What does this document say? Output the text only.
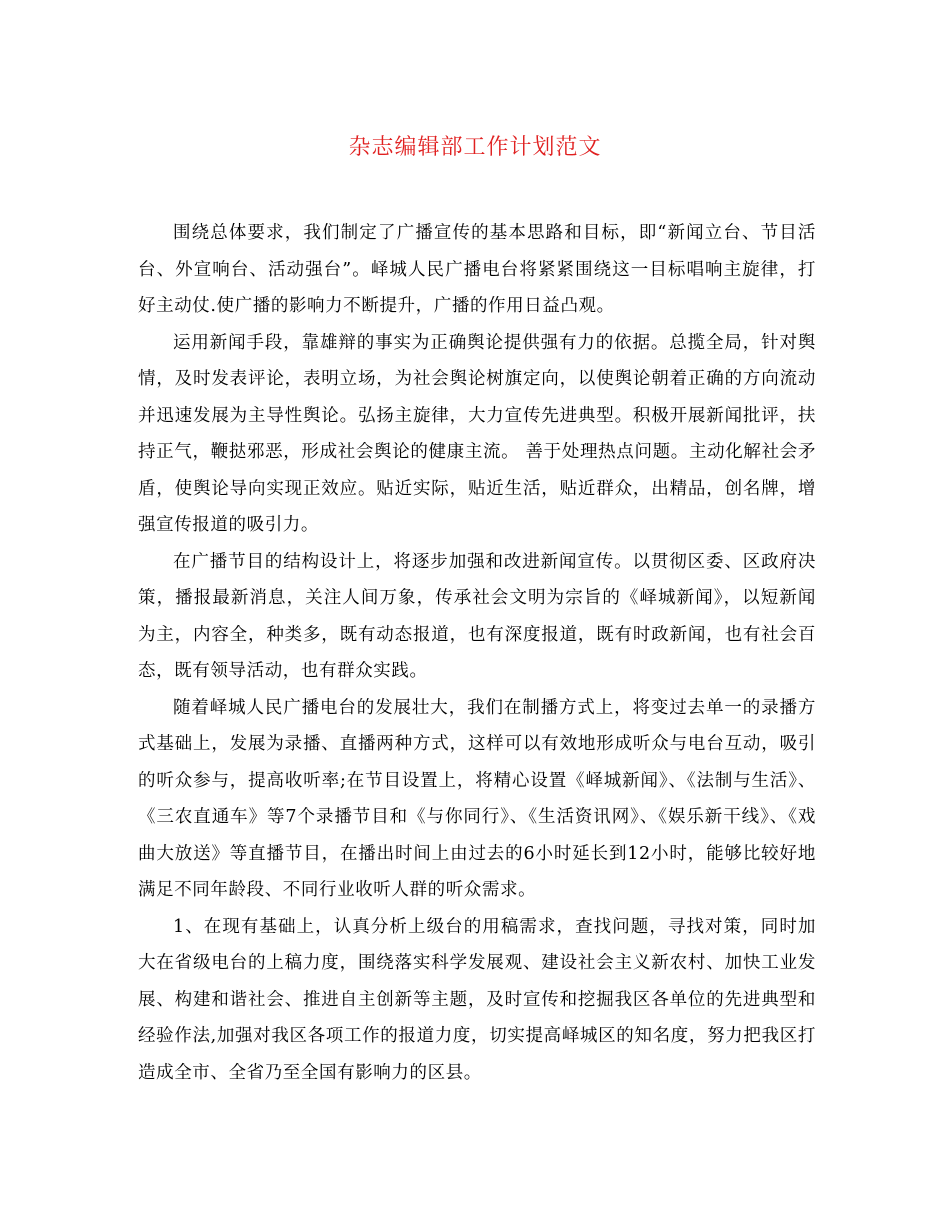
杂志编辑部工作计划范文

围绕总体要求，我们制定了广播宣传的基本思路和目标，即“新闻立台、节目活台、外宣响台、活动强台”。峄城人民广播电台将紧紧围绕这一目标唱响主旋律，打好主动仗.使广播的影响力不断提升，广播的作用日益凸观。

运用新闻手段，靠雄辩的事实为正确舆论提供强有力的依据。总揽全局，针对舆情，及时发表评论，表明立场，为社会舆论树旗定向，以使舆论朝着正确的方向流动并迅速发展为主导性舆论。弘扬主旋律，大力宣传先进典型。积极开展新闻批评，扶持正气，鞭挞邪恶，形成社会舆论的健康主流。 善于处理热点问题。主动化解社会矛盾，使舆论导向实现正效应。贴近实际，贴近生活，贴近群众，出精品，创名牌，增强宣传报道的吸引力。

在广播节目的结构设计上，将逐步加强和改进新闻宣传。以贯彻区委、区政府决策，播报最新消息，关注人间万象，传承社会文明为宗旨的《峄城新闻》，以短新闻为主，内容全，种类多，既有动态报道，也有深度报道，既有时政新闻，也有社会百态，既有领导活动，也有群众实践。

随着峄城人民广播电台的发展壮大，我们在制播方式上，将变过去单一的录播方式基础上，发展为录播、直播两种方式，这样可以有效地形成听众与电台互动，吸引的听众参与，提高收听率;在节目设置上，将精心设置《峄城新闻》、《法制与生活》、《三农直通车》等7个录播节目和《与你同行》、《生活资讯网》、《娱乐新干线》、《戏曲大放送》等直播节目，在播出时间上由过去的6小时延长到12小时，能够比较好地满足不同年龄段、不同行业收听人群的听众需求。

1、在现有基础上，认真分析上级台的用稿需求，查找问题，寻找对策，同时加大在省级电台的上稿力度，围绕落实科学发展观、建设社会主义新农村、加快工业发展、构建和谐社会、推进自主创新等主题，及时宣传和挖掘我区各单位的先进典型和经验作法,加强对我区各项工作的报道力度，切实提高峄城区的知名度，努力把我区打造成全市、全省乃至全国有影响力的区县。
